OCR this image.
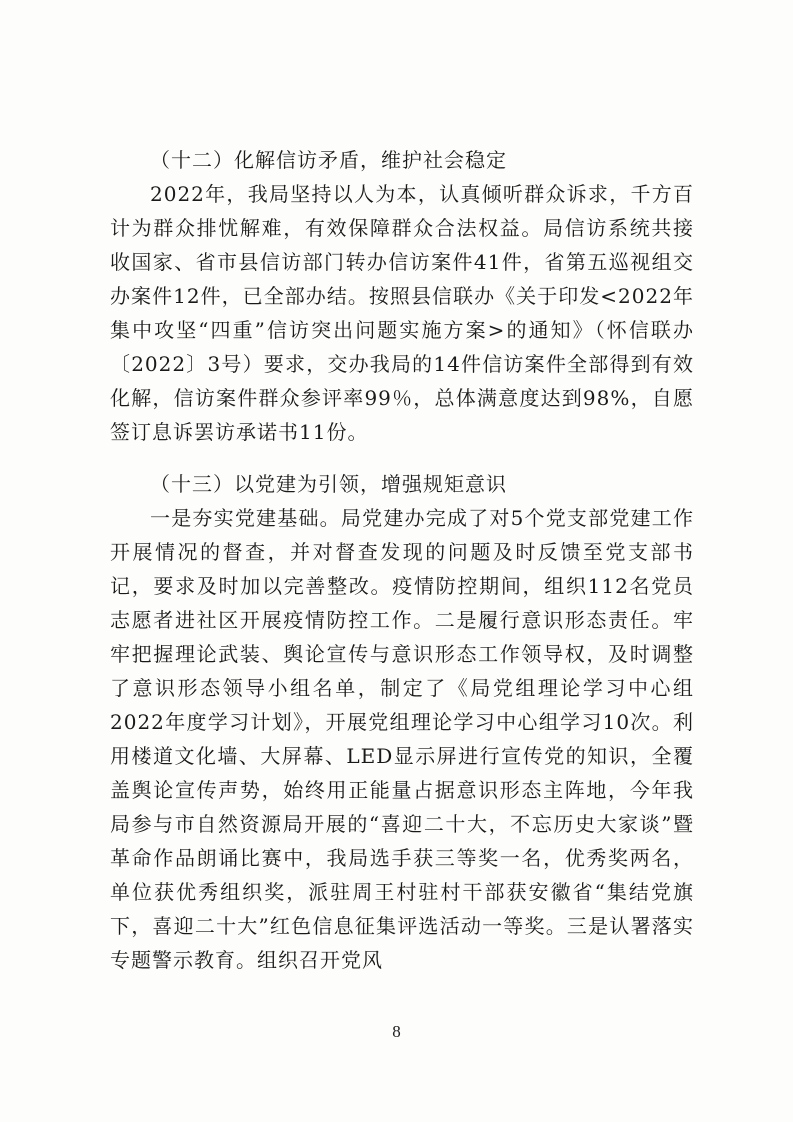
（十二）化解信访矛盾，维护社会稳定

2022年，我局坚持以人为本，认真倾听群众诉求，千方百计为群众排忧解难，有效保障群众合法权益。局信访系统共接收国家、省市县信访部门转办信访案件41件，省第五巡视组交办案件12件，已全部办结。按照县信联办《关于印发<2022年集中攻坚“四重”信访突出问题实施方案>的通知》（怀信联办〔2022〕3号）要求，交办我局的14件信访案件全部得到有效化解，信访案件群众参评率99％，总体满意度达到98%，自愿签订息诉罢访承诺书11份。

（十三）以党建为引领，增强规矩意识

一是夯实党建基础。局党建办完成了对5个党支部党建工作开展情况的督查，并对督查发现的问题及时反馈至党支部书记，要求及时加以完善整改。疫情防控期间，组织112名党员志愿者进社区开展疫情防控工作。二是履行意识形态责任。牢牢把握理论武装、舆论宣传与意识形态工作领导权，及时调整了意识形态领导小组名单，制定了《局党组理论学习中心组2022年度学习计划》，开展党组理论学习中心组学习10次。利用楼道文化墙、大屏幕、LED显示屏进行宣传党的知识，全覆盖舆论宣传声势，始终用正能量占据意识形态主阵地，今年我局参与市自然资源局开展的“喜迎二十大，不忘历史大家谈”暨革命作品朗诵比赛中，我局选手获三等奖一名，优秀奖两名，单位获优秀组织奖，派驻周王村驻村干部获安徽省“集结党旗下，喜迎二十大”红色信息征集评选活动一等奖。三是认署落实专题警示教育。组织召开党风

8
